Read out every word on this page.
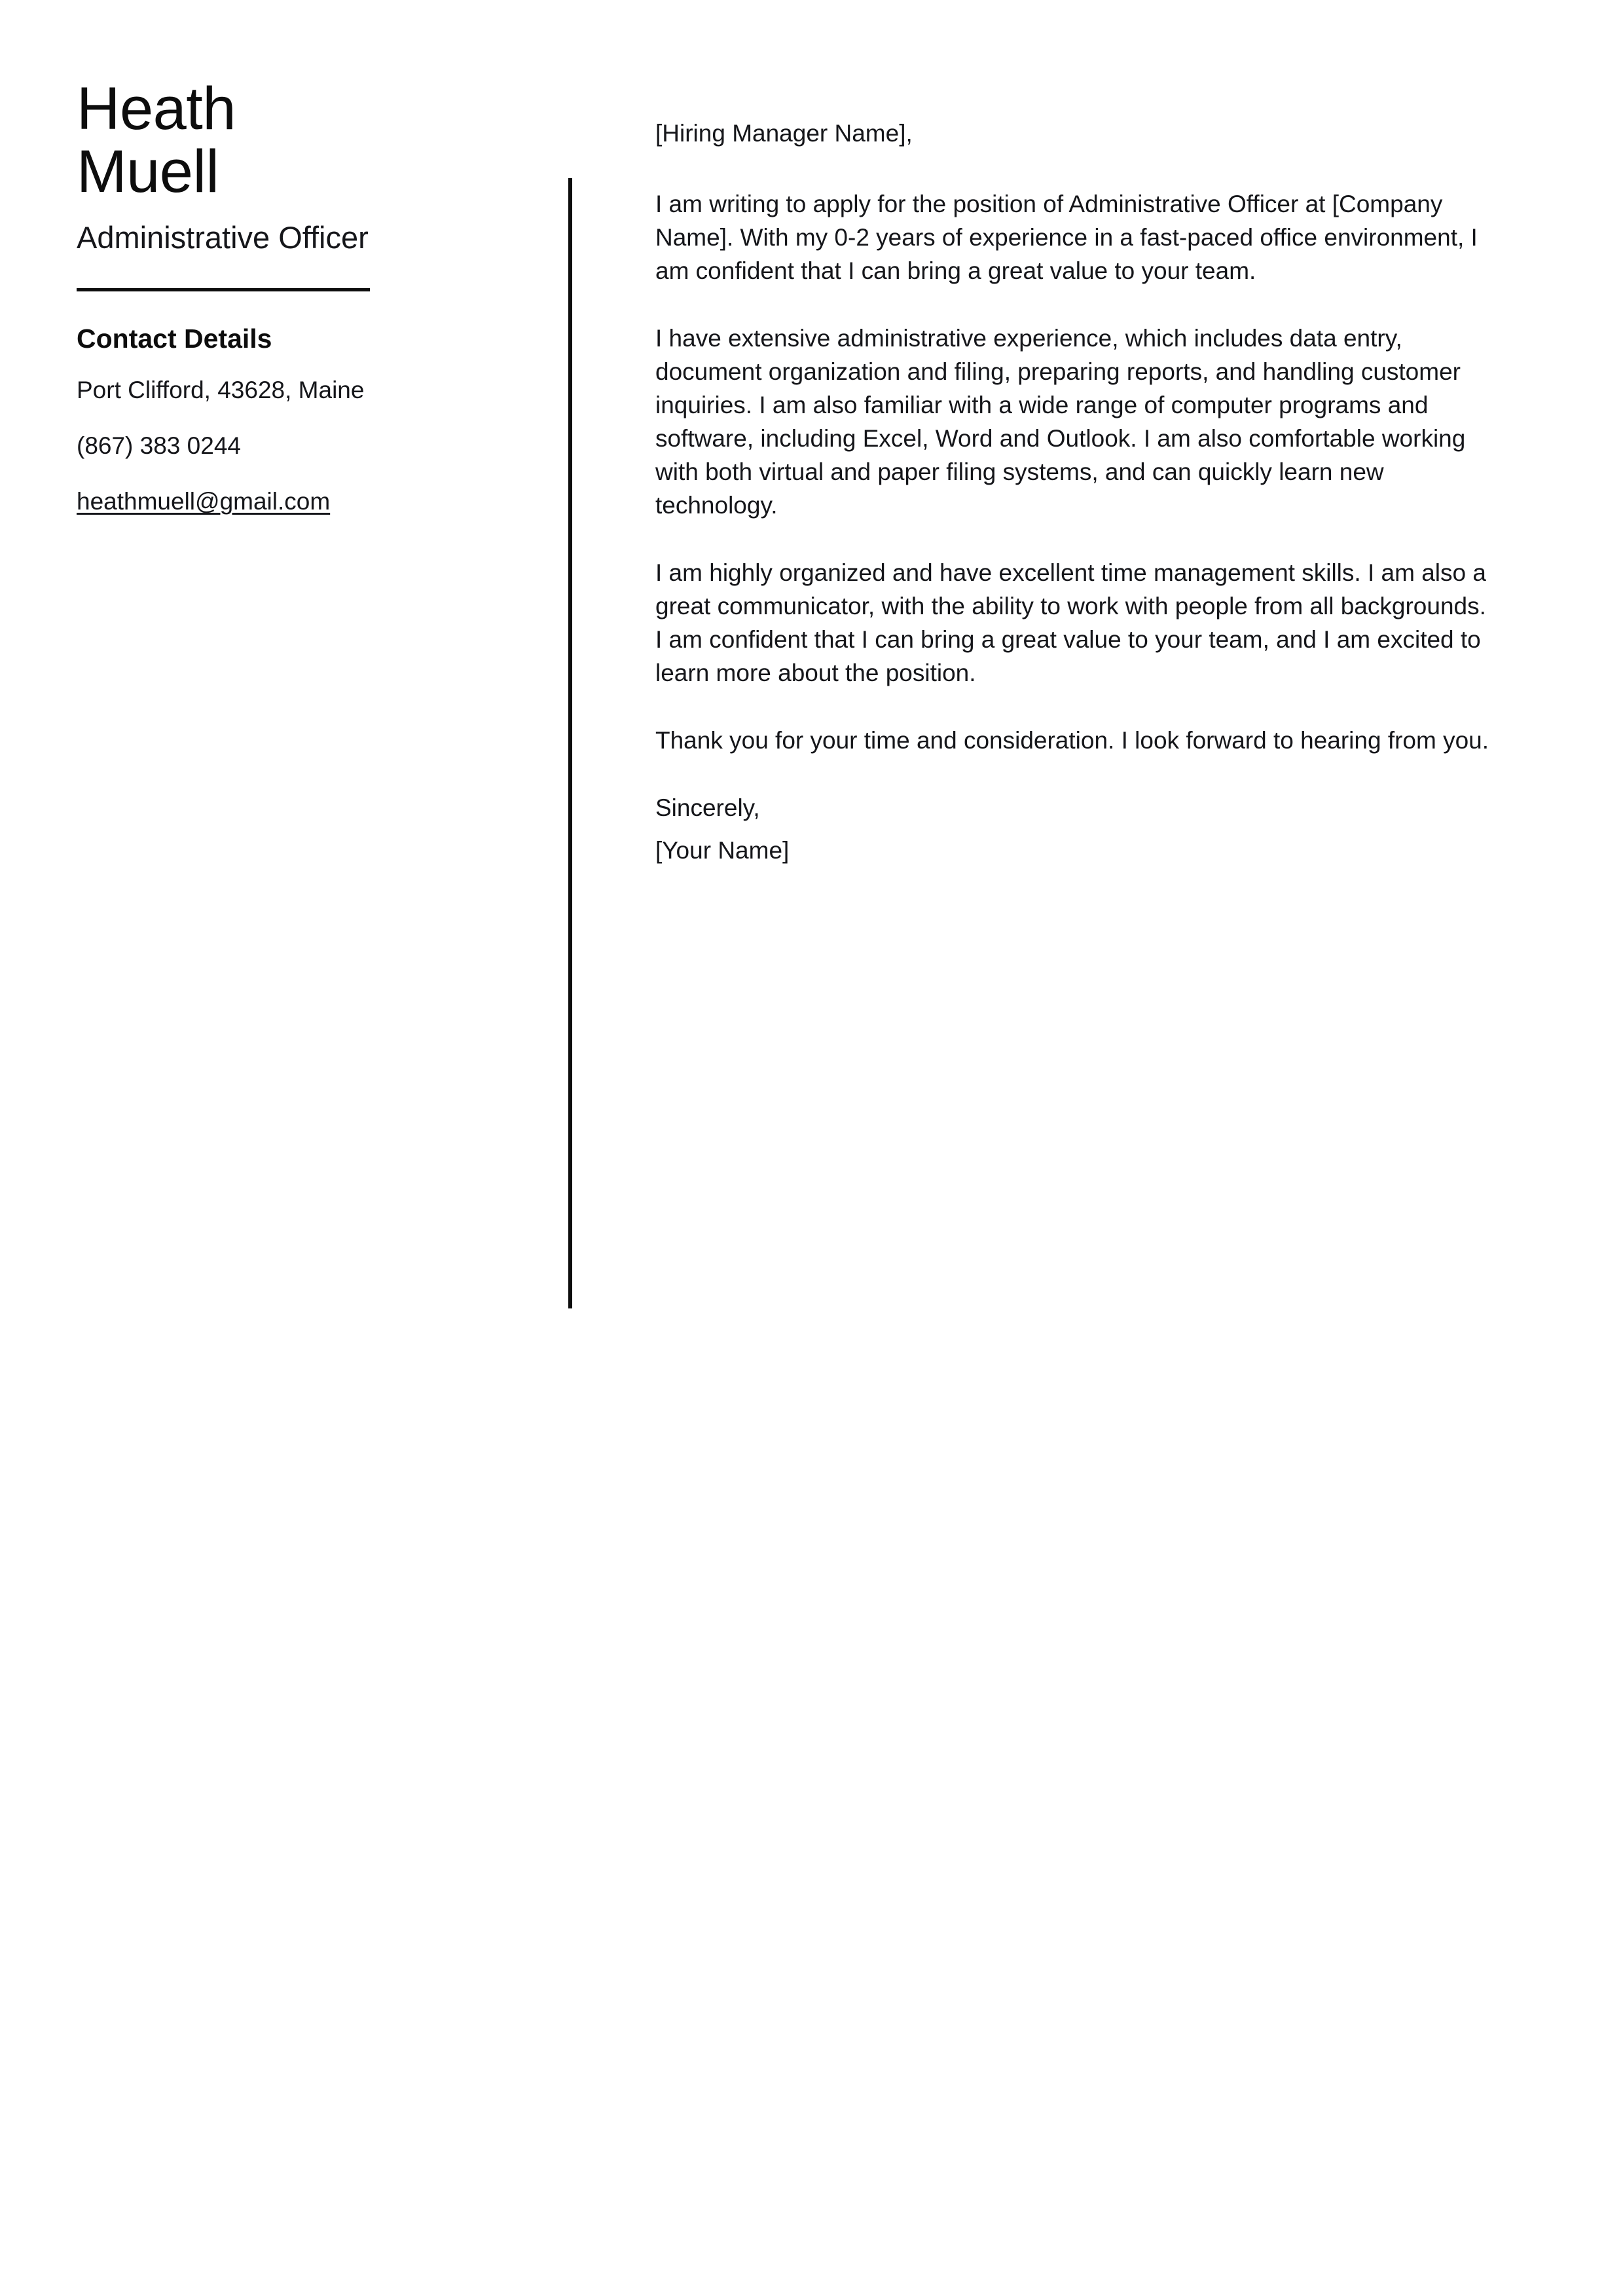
Heath
Muell
Administrative Officer
Contact Details
Port Clifford, 43628, Maine
(867) 383 0244
heathmuell@gmail.com

[Hiring Manager Name],

I am writing to apply for the position of Administrative Officer at [Company Name]. With my 0-2 years of experience in a fast-paced office environment, I am confident that I can bring a great value to your team.

I have extensive administrative experience, which includes data entry, document organization and filing, preparing reports, and handling customer inquiries. I am also familiar with a wide range of computer programs and software, including Excel, Word and Outlook. I am also comfortable working with both virtual and paper filing systems, and can quickly learn new technology.

I am highly organized and have excellent time management skills. I am also a great communicator, with the ability to work with people from all backgrounds. I am confident that I can bring a great value to your team, and I am excited to learn more about the position.

Thank you for your time and consideration. I look forward to hearing from you.

Sincerely,
[Your Name]
